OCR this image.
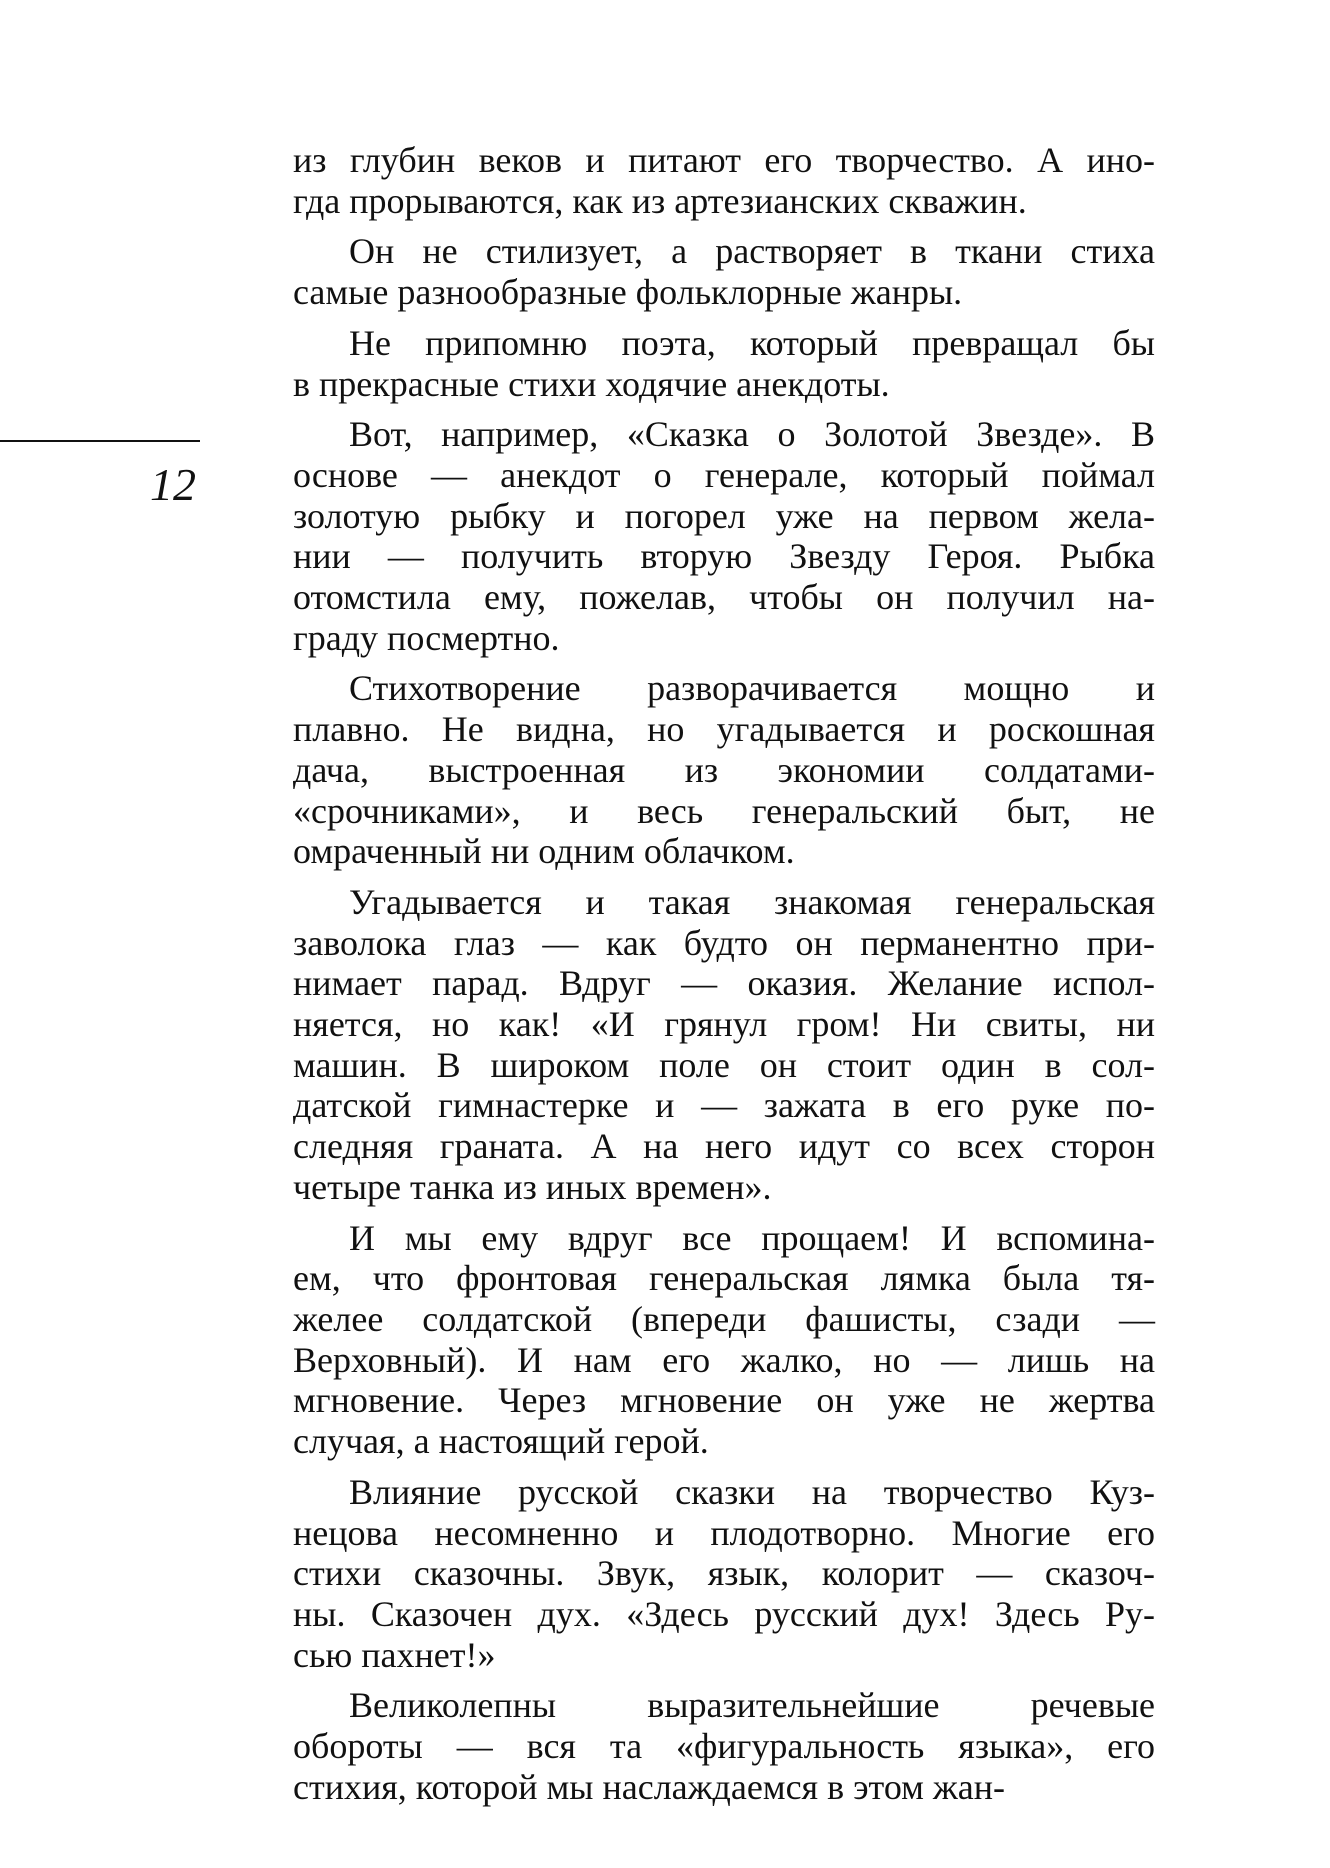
12
из глубин веков и питают его творчество. А ино-
гда прорываются, как из артезианских скважин.
Он не стилизует, а растворяет в ткани стиха
самые разнообразные фольклорные жанры.
Не припомню поэта, который превращал бы
в прекрасные стихи ходячие анекдоты.
Вот, например, «Сказка о Золотой Звезде». В
основе — анекдот о генерале, который поймал
золотую рыбку и погорел уже на первом жела-
нии — получить вторую Звезду Героя. Рыбка
отомстила ему, пожелав, чтобы он получил на-
граду посмертно.
Стихотворение разворачивается мощно и
плавно. Не видна, но угадывается и роскошная
дача, выстроенная из экономии солдатами-
«срочниками», и весь генеральский быт, не
омраченный ни одним облачком.
Угадывается и такая знакомая генеральская
заволока глаз — как будто он перманентно при-
нимает парад. Вдруг — оказия. Желание испол-
няется, но как! «И грянул гром! Ни свиты, ни
машин. В широком поле он стоит один в сол-
датской гимнастерке и — зажата в его руке по-
следняя граната. А на него идут со всех сторон
четыре танка из иных времен».
И мы ему вдруг все прощаем! И вспомина-
ем, что фронтовая генеральская лямка была тя-
желее солдатской (впереди фашисты, сзади —
Верховный). И нам его жалко, но — лишь на
мгновение. Через мгновение он уже не жертва
случая, а настоящий герой.
Влияние русской сказки на творчество Куз-
нецова несомненно и плодотворно. Многие его
стихи сказочны. Звук, язык, колорит — сказоч-
ны. Сказочен дух. «Здесь русский дух! Здесь Ру-
сью пахнет!»
Великолепны выразительнейшие речевые
обороты — вся та «фигуральность языка», его
стихия, которой мы наслаждаемся в этом жан-
